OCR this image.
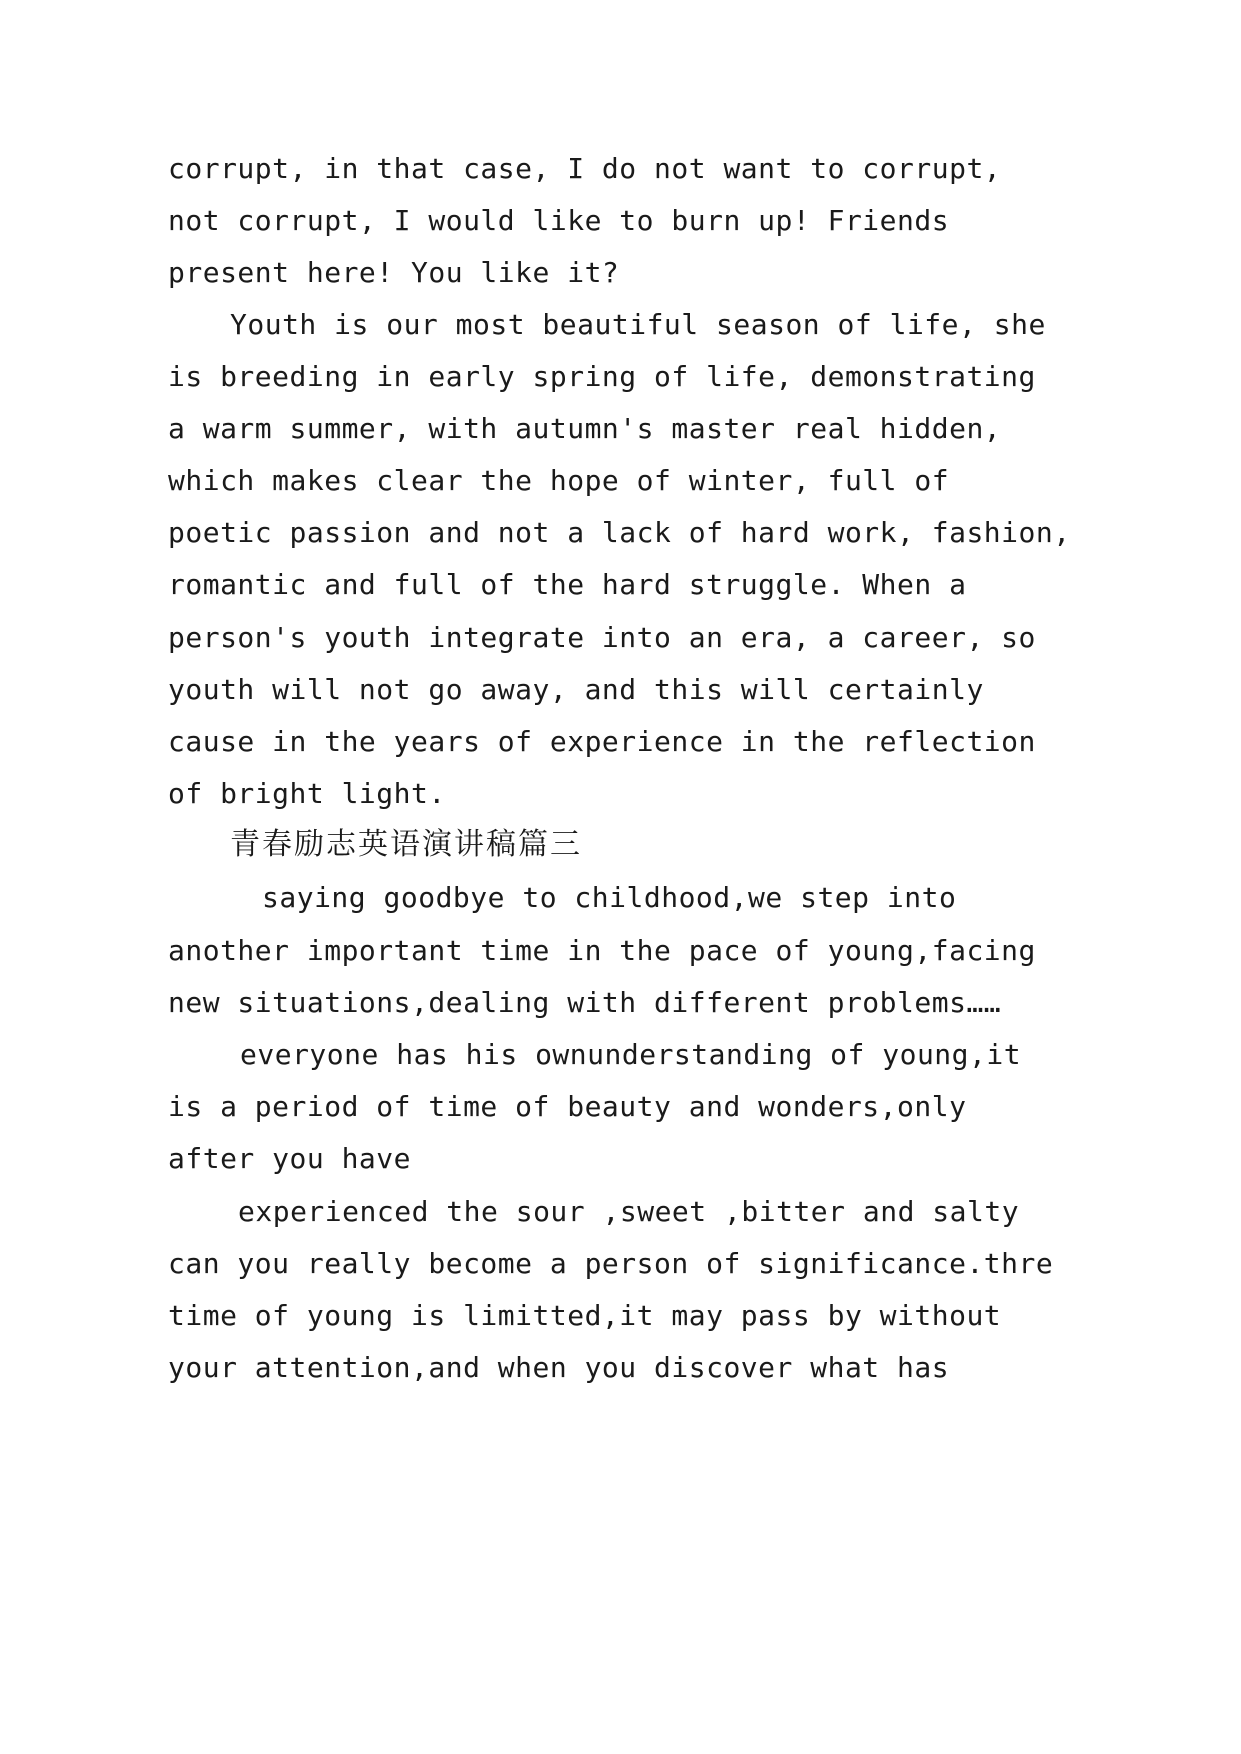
corrupt, in that case, I do not want to corrupt,
not corrupt, I would like to burn up! Friends
present here! You like it?
Youth is our most beautiful season of life, she
is breeding in early spring of life, demonstrating
a warm summer, with autumn's master real hidden,
which makes clear the hope of winter, full of
poetic passion and not a lack of hard work, fashion,
romantic and full of the hard struggle. When a
person's youth integrate into an era, a career, so
youth will not go away, and this will certainly
cause in the years of experience in the reflection
of bright light.
青春励志英语演讲稿篇三
saying goodbye to childhood,we step into
another important time in the pace of young,facing
new situations,dealing with different problems……
everyone has his ownunderstanding of young,it
is a period of time of beauty and wonders,only
after you have
experienced the sour ,sweet ,bitter and salty
can you really become a person of significance.thre
time of young is limitted,it may pass by without
your attention,and when you discover what has
